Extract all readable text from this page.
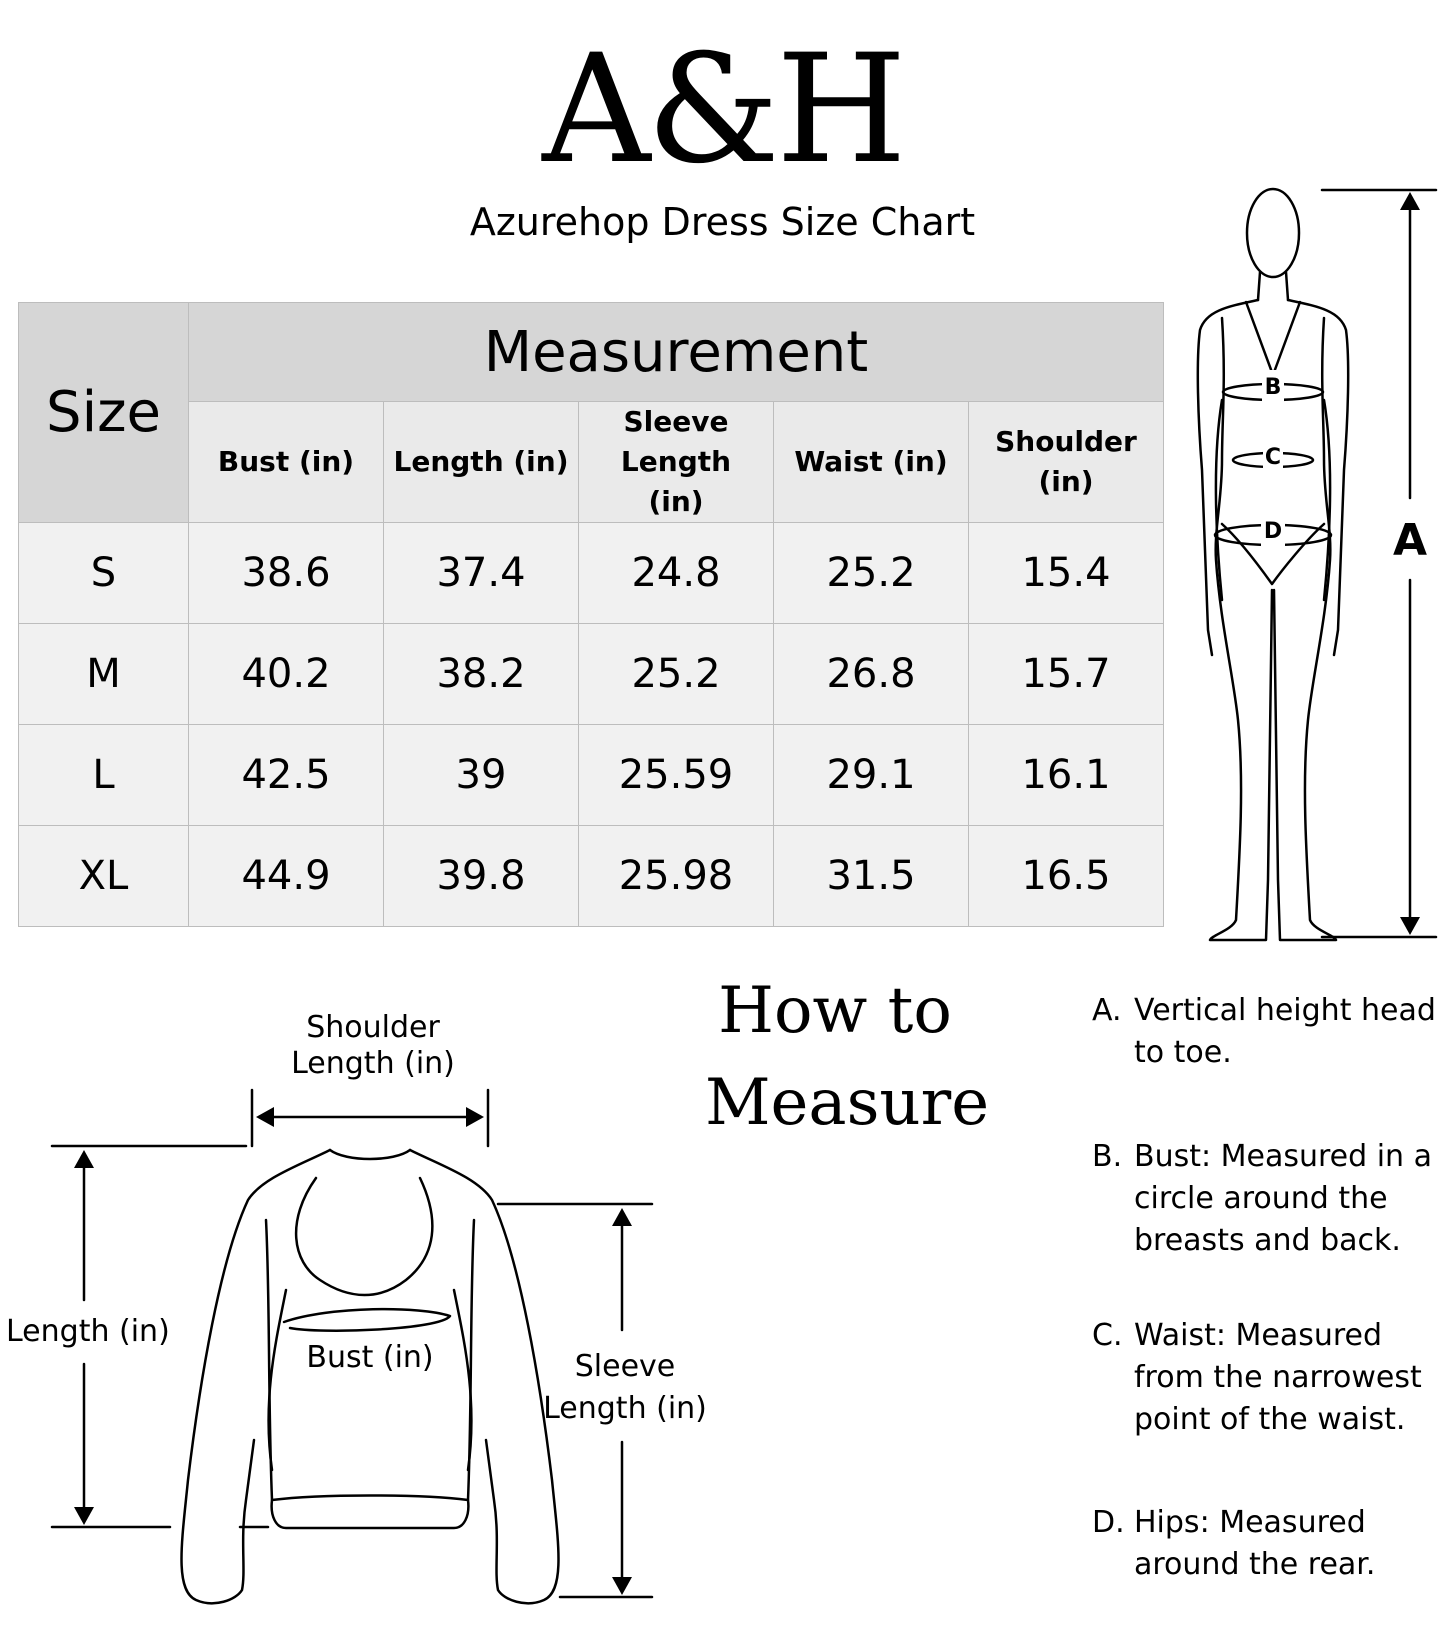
A&H
Azurehop Dress Size Chart
Size	Measurement				
	Bust (in)	Length (in)	Sleeve Length (in)	Waist (in)	Shoulder (in)
S	38.6	37.4	24.8	25.2	15.4
M	40.2	38.2	25.2	26.8	15.7
L	42.5	39	25.59	29.1	16.1
XL	44.9	39.8	25.98	31.5	16.5
B
C
D	A
How to
Measure
Shoulder Length (in)
Length (in)
Bust (in)	Sleeve Length (in)
A. Vertical height head to toe.
B. Bust: Measured in a circle around the breasts and back.
C. Waist: Measured from the narrowest point of the waist.
D. Hips: Measured around the rear.
